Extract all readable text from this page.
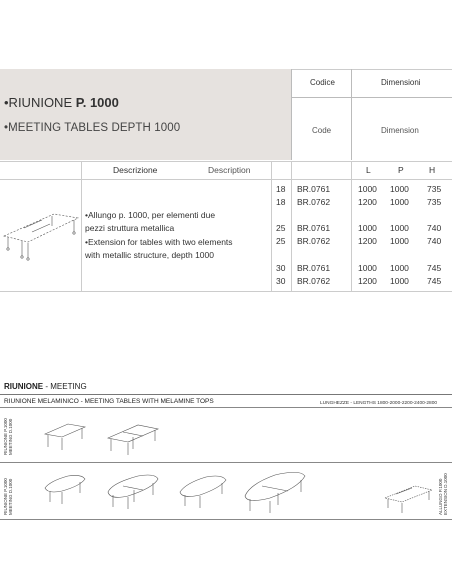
•RIUNIONE P. 1000
•MEETING TABLES DEPTH 1000
Codice	Dimensioni
Code	Dimension
Descrizione	Description	L	P	H
•Allungo p. 1000, per elementi due
pezzi struttura metallica
•Extension for tables with two elements
with metallic structure, depth 1000
18 BR.0761	1000 1000 735
18 BR.0762	1200 1000 735
25 BR.0761	1000 1000 740
25 BR.0762	1200 1000 740
30 BR.0761	1000 1000 745
30 BR.0762	1200 1000 745
RIUNIONE - MEETING
RIUNIONE MELAMINICO - MEETING TABLES WITH MELAMINE TOPS	LUNGHEZZE - LENGTHS 1800-2000-2200-2400-2800
RIUNIONE P.1000 MEETING D.1000
RIUNIONE P.1000 MEETING D.1000	ALLUNGO P.1000 EXTENSION D.1000
